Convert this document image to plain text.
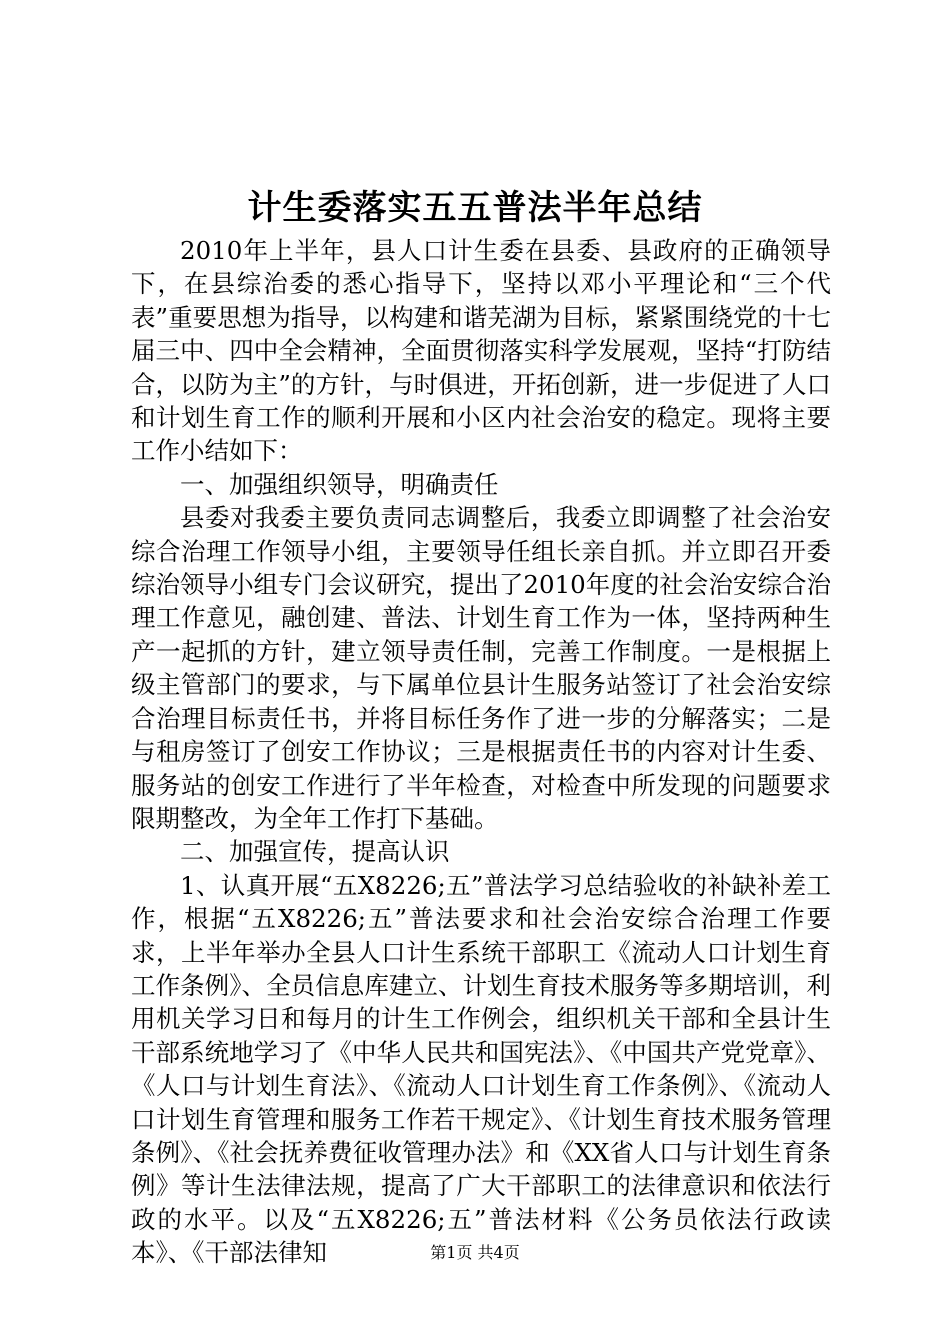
计生委落实五五普法半年总结

2010年上半年，县人口计生委在县委、县政府的正确领导下，在县综治委的悉心指导下，坚持以邓小平理论和“三个代表”重要思想为指导，以构建和谐芜湖为目标，紧紧围绕党的十七届三中、四中全会精神，全面贯彻落实科学发展观，坚持“打防结合，以防为主”的方针，与时俱进，开拓创新，进一步促进了人口和计划生育工作的顺利开展和小区内社会治安的稳定。现将主要工作小结如下：

一、加强组织领导，明确责任

县委对我委主要负责同志调整后，我委立即调整了社会治安综合治理工作领导小组，主要领导任组长亲自抓。并立即召开委综治领导小组专门会议研究，提出了2010年度的社会治安综合治理工作意见，融创建、普法、计划生育工作为一体，坚持两种生产一起抓的方针，建立领导责任制，完善工作制度。一是根据上级主管部门的要求，与下属单位县计生服务站签订了社会治安综合治理目标责任书，并将目标任务作了进一步的分解落实；二是与租房签订了创安工作协议；三是根据责任书的内容对计生委、服务站的创安工作进行了半年检查，对检查中所发现的问题要求限期整改，为全年工作打下基础。

二、加强宣传，提高认识

1、认真开展“五X8226;五”普法学习总结验收的补缺补差工作，根据“五X8226;五”普法要求和社会治安综合治理工作要求，上半年举办全县人口计生系统干部职工《流动人口计划生育工作条例》、全员信息库建立、计划生育技术服务等多期培训，利用机关学习日和每月的计生工作例会，组织机关干部和全县计生干部系统地学习了《中华人民共和国宪法》、《中国共产党党章》、《人口与计划生育法》、《流动人口计划生育工作条例》、《流动人口计划生育管理和服务工作若干规定》、《计划生育技术服务管理条例》、《社会抚养费征收管理办法》和《XX省人口与计划生育条例》等计生法律法规，提高了广大干部职工的法律意识和依法行政的水平。以及“五X8226;五”普法材料《公务员依法行政读本》、《干部法律知	第1页 共4页
